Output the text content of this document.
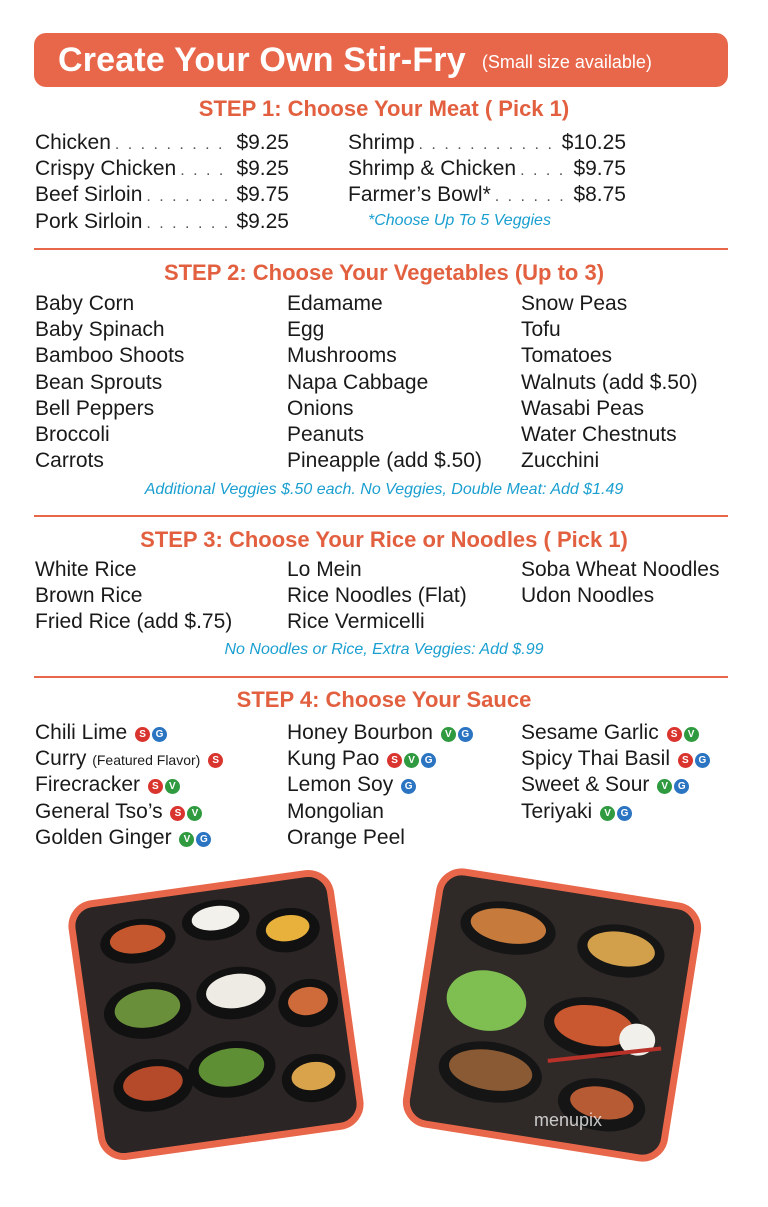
Create Your Own Stir-Fry (Small size available)
STEP 1: Choose Your Meat ( Pick 1)
Chicken . . .	$9.25
Crispy Chicken . . .	$9.25
Beef Sirloin . . .	$9.75
Pork Sirloin . . .	$9.25
Shrimp . . .	$10.25
Shrimp & Chicken . . .	$9.75
Farmer’s Bowl* . . .	$8.75
*Choose Up To 5 Veggies
STEP 2: Choose Your Vegetables (Up to 3)
Baby Corn
Baby Spinach
Bamboo Shoots
Bean Sprouts
Bell Peppers
Broccoli
Carrots
Edamame
Egg
Mushrooms
Napa Cabbage
Onions
Peanuts
Pineapple (add $.50)
Snow Peas
Tofu
Tomatoes
Walnuts (add $.50)
Wasabi Peas
Water Chestnuts
Zucchini
Additional Veggies $.50 each. No Veggies, Double Meat: Add $1.49
STEP 3: Choose Your Rice or Noodles ( Pick 1)
White Rice
Brown Rice
Fried Rice (add $.75)
Lo Mein
Rice Noodles (Flat)
Rice Vermicelli
Soba Wheat Noodles
Udon Noodles
No Noodles or Rice, Extra Veggies: Add $.99
STEP 4: Choose Your Sauce
Chili Lime S G
Curry (Featured Flavor) S
Firecracker S V
General Tso’s S V
Golden Ginger V G
Honey Bourbon V G
Kung Pao S V G
Lemon Soy G
Mongolian
Orange Peel
Sesame Garlic S V
Spicy Thai Basil S G
Sweet & Sour V G
Teriyaki V G
menupix
